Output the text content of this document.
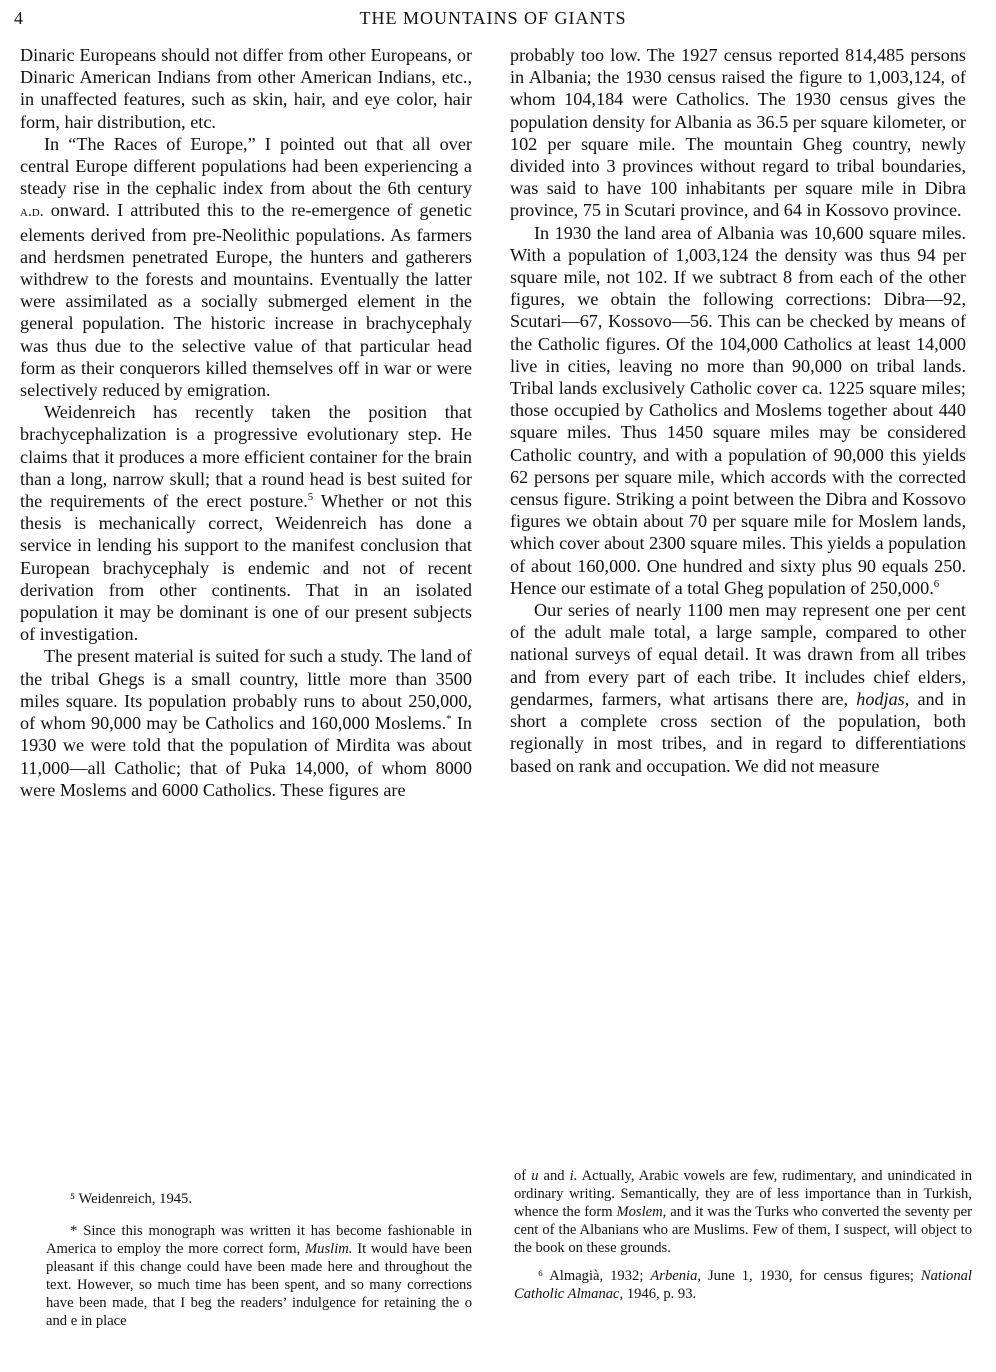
4	THE MOUNTAINS OF GIANTS

Dinaric Europeans should not differ from other Europeans, or Dinaric American Indians from other American Indians, etc., in unaffected features, such as skin, hair, and eye color, hair form, hair distribution, etc.

In “The Races of Europe,” I pointed out that all over central Europe different populations had been experiencing a steady rise in the cephalic index from about the 6th century a.d. onward. I attributed this to the re-emergence of genetic elements derived from pre-Neolithic populations. As farmers and herdsmen penetrated Europe, the hunters and gatherers withdrew to the forests and mountains. Eventually the latter were assimilated as a socially submerged element in the general population. The historic increase in brachycephaly was thus due to the selective value of that particular head form as their conquerors killed themselves off in war or were selectively reduced by emigration.

Weidenreich has recently taken the position that brachycephalization is a progressive evolutionary step. He claims that it produces a more efficient container for the brain than a long, narrow skull; that a round head is best suited for the requirements of the erect posture.$^5$ Whether or not this thesis is mechanically correct, Weidenreich has done a service in lending his support to the manifest conclusion that European brachycephaly is endemic and not of recent derivation from other continents. That in an isolated population it may be dominant is one of our present subjects of investigation.

The present material is suited for such a study. The land of the tribal Ghegs is a small country, little more than 3500 miles square. Its population probably runs to about 250,000, of whom 90,000 may be Catholics and 160,000 Moslems.* In 1930 we were told that the population of Mirdita was about 11,000—all Catholic; that of Puka 14,000, of whom 8000 were Moslems and 6000 Catholics. These figures are

probably too low. The 1927 census reported 814,485 persons in Albania; the 1930 census raised the figure to 1,003,124, of whom 104,184 were Catholics. The 1930 census gives the population density for Albania as 36.5 per square kilometer, or 102 per square mile. The mountain Gheg country, newly divided into 3 provinces without regard to tribal boundaries, was said to have 100 inhabitants per square mile in Dibra province, 75 in Scutari province, and 64 in Kossovo province.

In 1930 the land area of Albania was 10,600 square miles. With a population of 1,003,124 the density was thus 94 per square mile, not 102. If we subtract 8 from each of the other figures, we obtain the following corrections: Dibra—92, Scutari—67, Kossovo—56. This can be checked by means of the Catholic figures. Of the 104,000 Catholics at least 14,000 live in cities, leaving no more than 90,000 on tribal lands. Tribal lands exclusively Catholic cover ca. 1225 square miles; those occupied by Catholics and Moslems together about 440 square miles. Thus 1450 square miles may be considered Catholic country, and with a population of 90,000 this yields 62 persons per square mile, which accords with the corrected census figure. Striking a point between the Dibra and Kossovo figures we obtain about 70 per square mile for Moslem lands, which cover about 2300 square miles. This yields a population of about 160,000. One hundred and sixty plus 90 equals 250. Hence our estimate of a total Gheg population of 250,000.$^6$

Our series of nearly 1100 men may represent one per cent of the adult male total, a large sample, compared to other national surveys of equal detail. It was drawn from all tribes and from every part of each tribe. It includes chief elders, gendarmes, farmers, what artisans there are, hodjas, and in short a complete cross section of the population, both regionally in most tribes, and in regard to differentiations based on rank and occupation. We did not measure

⁵ Weidenreich, 1945.

* Since this monograph was written it has become fashionable in America to employ the more correct form, Muslim. It would have been pleasant if this change could have been made here and throughout the text. However, so much time has been spent, and so many corrections have been made, that I beg the readers’ indulgence for retaining the o and e in place

of u and i. Actually, Arabic vowels are few, rudimentary, and unindicated in ordinary writing. Semantically, they are of less importance than in Turkish, whence the form Moslem, and it was the Turks who converted the seventy per cent of the Albanians who are Muslims. Few of them, I suspect, will object to the book on these grounds.

⁶ Almagià, 1932; Arbenia, June 1, 1930, for census figures; National Catholic Almanac, 1946, p. 93.
